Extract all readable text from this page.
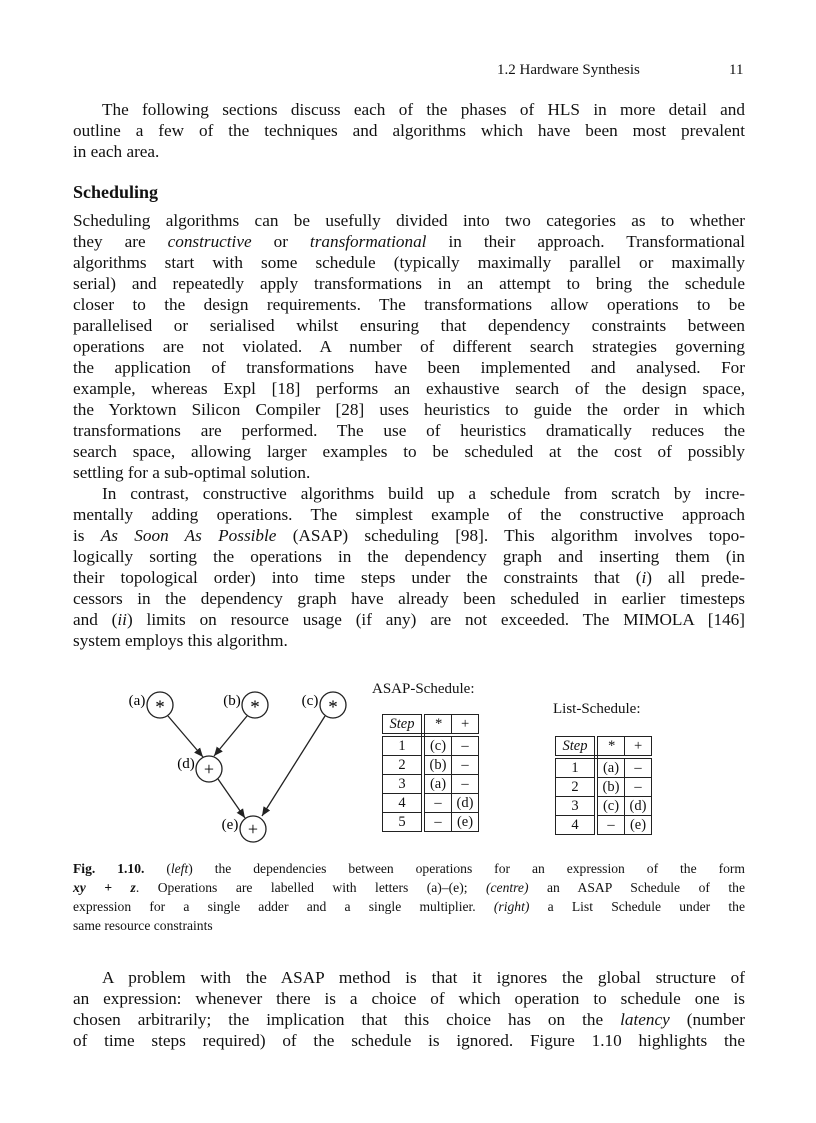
1.2 Hardware Synthesis	11
The following sections discuss each of the phases of HLS in more detail and
outline a few of the techniques and algorithms which have been most prevalent
in each area.
Scheduling
Scheduling algorithms can be usefully divided into two categories as to whether
they are constructive or transformational in their approach. Transformational
algorithms start with some schedule (typically maximally parallel or maximally
serial) and repeatedly apply transformations in an attempt to bring the schedule
closer to the design requirements. The transformations allow operations to be
parallelised or serialised whilst ensuring that dependency constraints between
operations are not violated. A number of different search strategies governing
the application of transformations have been implemented and analysed. For
example, whereas Expl [18] performs an exhaustive search of the design space,
the Yorktown Silicon Compiler [28] uses heuristics to guide the order in which
transformations are performed. The use of heuristics dramatically reduces the
search space, allowing larger examples to be scheduled at the cost of possibly
settling for a sub-optimal solution.
In contrast, constructive algorithms build up a schedule from scratch by incre-
mentally adding operations. The simplest example of the constructive approach
is As Soon As Possible (ASAP) scheduling [98]. This algorithm involves topo-
logically sorting the operations in the dependency graph and inserting them (in
their topological order) into time steps under the constraints that (i) all prede-
cessors in the dependency graph have already been scheduled in earlier timesteps
and (ii) limits on resource usage (if any) are not exceeded. The MIMOLA [146]
system employs this algorithm.
*	*	*
+
+
(a)	(b)	(c)
(d)
(e)
ASAP-Schedule:
Step	*	+
1	(c)	–
2	(b)	–
3	(a)	–
4	–	(d)
5	–	(e)
List-Schedule:
Step	*	+
1	(a)	–
2	(b)	–
3	(c)	(d)
4	–	(e)
Fig. 1.10. (left) the dependencies between operations for an expression of the form
xy + z. Operations are labelled with letters (a)–(e); (centre) an ASAP Schedule of the
expression for a single adder and a single multiplier. (right) a List Schedule under the
same resource constraints
A problem with the ASAP method is that it ignores the global structure of
an expression: whenever there is a choice of which operation to schedule one is
chosen arbitrarily; the implication that this choice has on the latency (number
of time steps required) of the schedule is ignored. Figure 1.10 highlights the
